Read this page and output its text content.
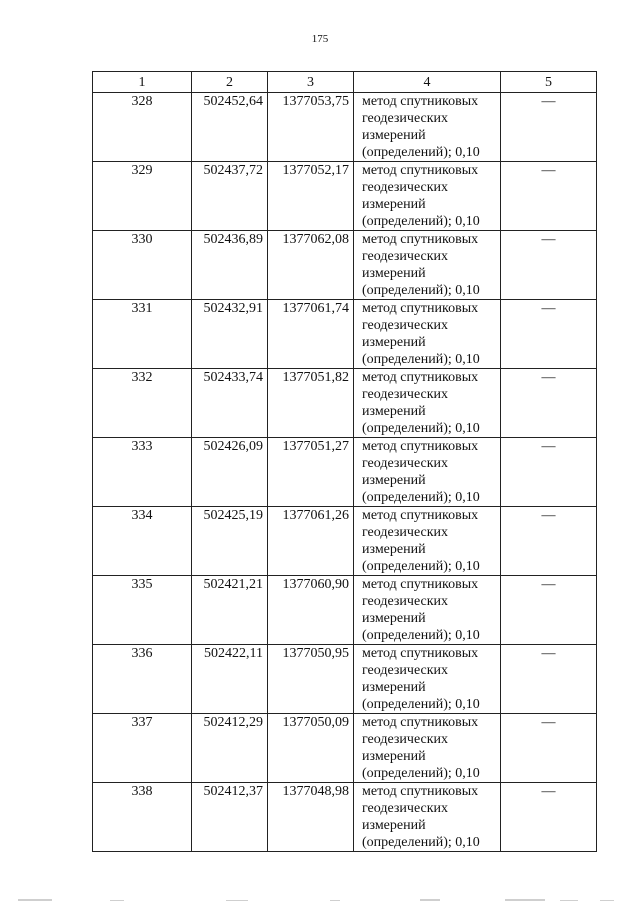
175
1	2	3	4	5
328	502452,64	1377053,75	метод спутниковых
геодезических
измерений
(определений); 0,10	—
329	502437,72	1377052,17	метод спутниковых
геодезических
измерений
(определений); 0,10	—
330	502436,89	1377062,08	метод спутниковых
геодезических
измерений
(определений); 0,10	—
331	502432,91	1377061,74	метод спутниковых
геодезических
измерений
(определений); 0,10	—
332	502433,74	1377051,82	метод спутниковых
геодезических
измерений
(определений); 0,10	—
333	502426,09	1377051,27	метод спутниковых
геодезических
измерений
(определений); 0,10	—
334	502425,19	1377061,26	метод спутниковых
геодезических
измерений
(определений); 0,10	—
335	502421,21	1377060,90	метод спутниковых
геодезических
измерений
(определений); 0,10	—
336	502422,11	1377050,95	метод спутниковых
геодезических
измерений
(определений); 0,10	—
337	502412,29	1377050,09	метод спутниковых
геодезических
измерений
(определений); 0,10	—
338	502412,37	1377048,98	метод спутниковых
геодезических
измерений
(определений); 0,10	—
